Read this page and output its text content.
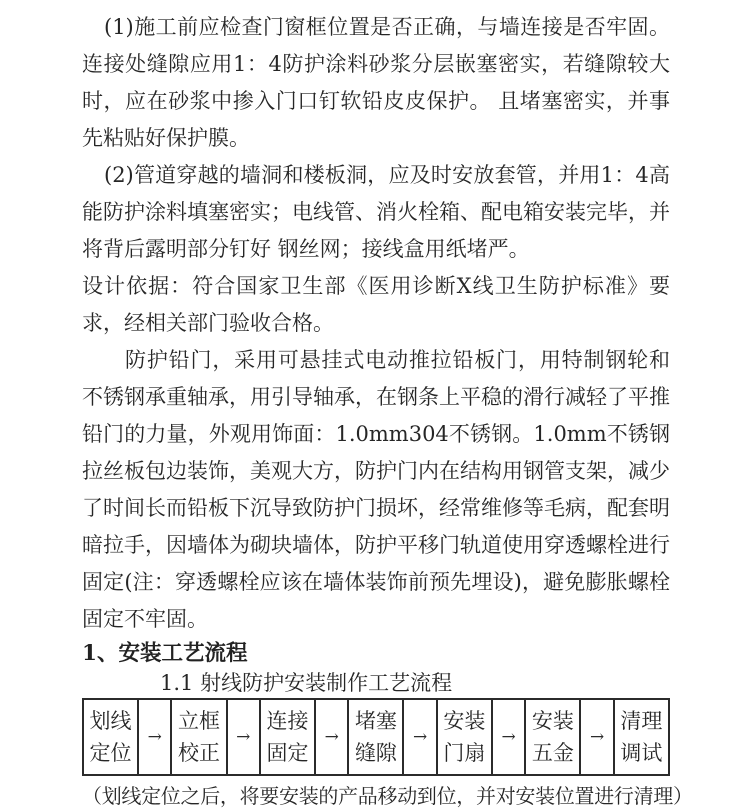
(1)施工前应检查门窗框位置是否正确，与墙连接是否牢固。连接处缝隙应用1：4防护涂料砂浆分层嵌塞密实，若缝隙较大时，应在砂浆中掺入门口钉软铅皮皮保护。 且堵塞密实，并事先粘贴好保护膜。

(2)管道穿越的墙洞和楼板洞，应及时安放套管，并用1：4高能防护涂料填塞密实；电线管、消火栓箱、配电箱安装完毕，并将背后露明部分钉好 钢丝网；接线盒用纸堵严。

设计依据：符合国家卫生部《医用诊断X线卫生防护标准》要求，经相关部门验收合格。

防护铅门，采用可悬挂式电动推拉铅板门，用特制钢轮和不锈钢承重轴承，用引导轴承，在钢条上平稳的滑行减轻了平推铅门的力量，外观用饰面：1.0mm304不锈钢。1.0mm不锈钢拉丝板包边装饰，美观大方，防护门内在结构用钢管支架，减少了时间长而铅板下沉导致防护门损坏，经常维修等毛病，配套明暗拉手，因墙体为砌块墙体，防护平移门轨道使用穿透螺栓进行固定(注：穿透螺栓应该在墙体装饰前预先埋设)，避免膨胀螺栓固定不牢固。

1、安装工艺流程

1.1 射线防护安装制作工艺流程

划线
定位
	→	
立框
校正
	→	
连接
固定
	→	
堵塞
缝隙
	→	
安装
门扇
	→	
安装
五金
	→	
清理
调试

（划线定位之后，将要安装的产品移动到位，并对安装位置进行清理）
